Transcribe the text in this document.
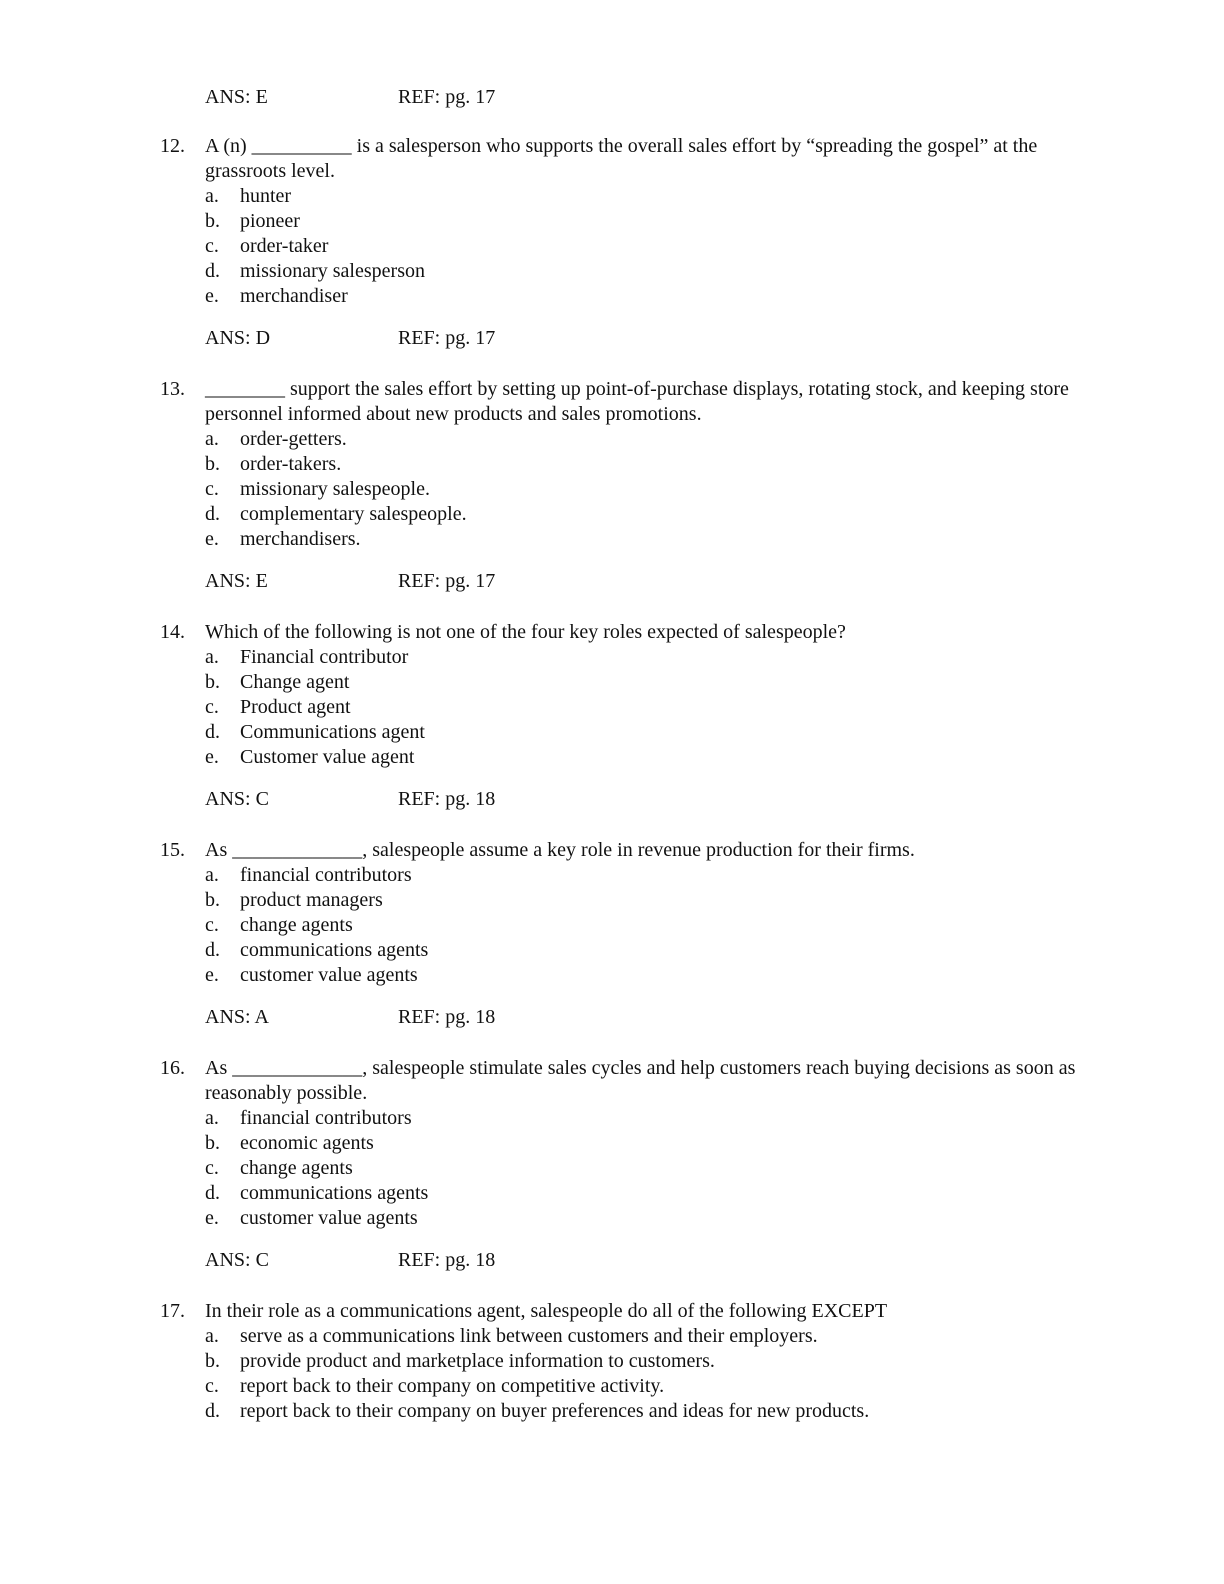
ANS: E	REF: pg. 17
12.	A (n) __________ is a salesperson who supports the overall sales effort by “spreading the gospel” at the grassroots level.
a.	hunter
b.	pioneer
c.	order-taker
d.	missionary salesperson
e.	merchandiser
ANS: D	REF: pg. 17
13.	________ support the sales effort by setting up point-of-purchase displays, rotating stock, and keeping store personnel informed about new products and sales promotions.
a.	order-getters.
b.	order-takers.
c.	missionary salespeople.
d.	complementary salespeople.
e.	merchandisers.
ANS: E	REF: pg. 17
14.	Which of the following is not one of the four key roles expected of salespeople?
a.	Financial contributor
b.	Change agent
c.	Product agent
d.	Communications agent
e.	Customer value agent
ANS: C	REF: pg. 18
15.	As _____________, salespeople assume a key role in revenue production for their firms.
a.	financial contributors
b.	product managers
c.	change agents
d.	communications agents
e.	customer value agents
ANS: A	REF: pg. 18
16.	As _____________, salespeople stimulate sales cycles and help customers reach buying decisions as soon as reasonably possible.
a.	financial contributors
b.	economic agents
c.	change agents
d.	communications agents
e.	customer value agents
ANS: C	REF: pg. 18
17.	In their role as a communications agent, salespeople do all of the following EXCEPT
a.	serve as a communications link between customers and their employers.
b.	provide product and marketplace information to customers.
c.	report back to their company on competitive activity.
d.	report back to their company on buyer preferences and ideas for new products.
